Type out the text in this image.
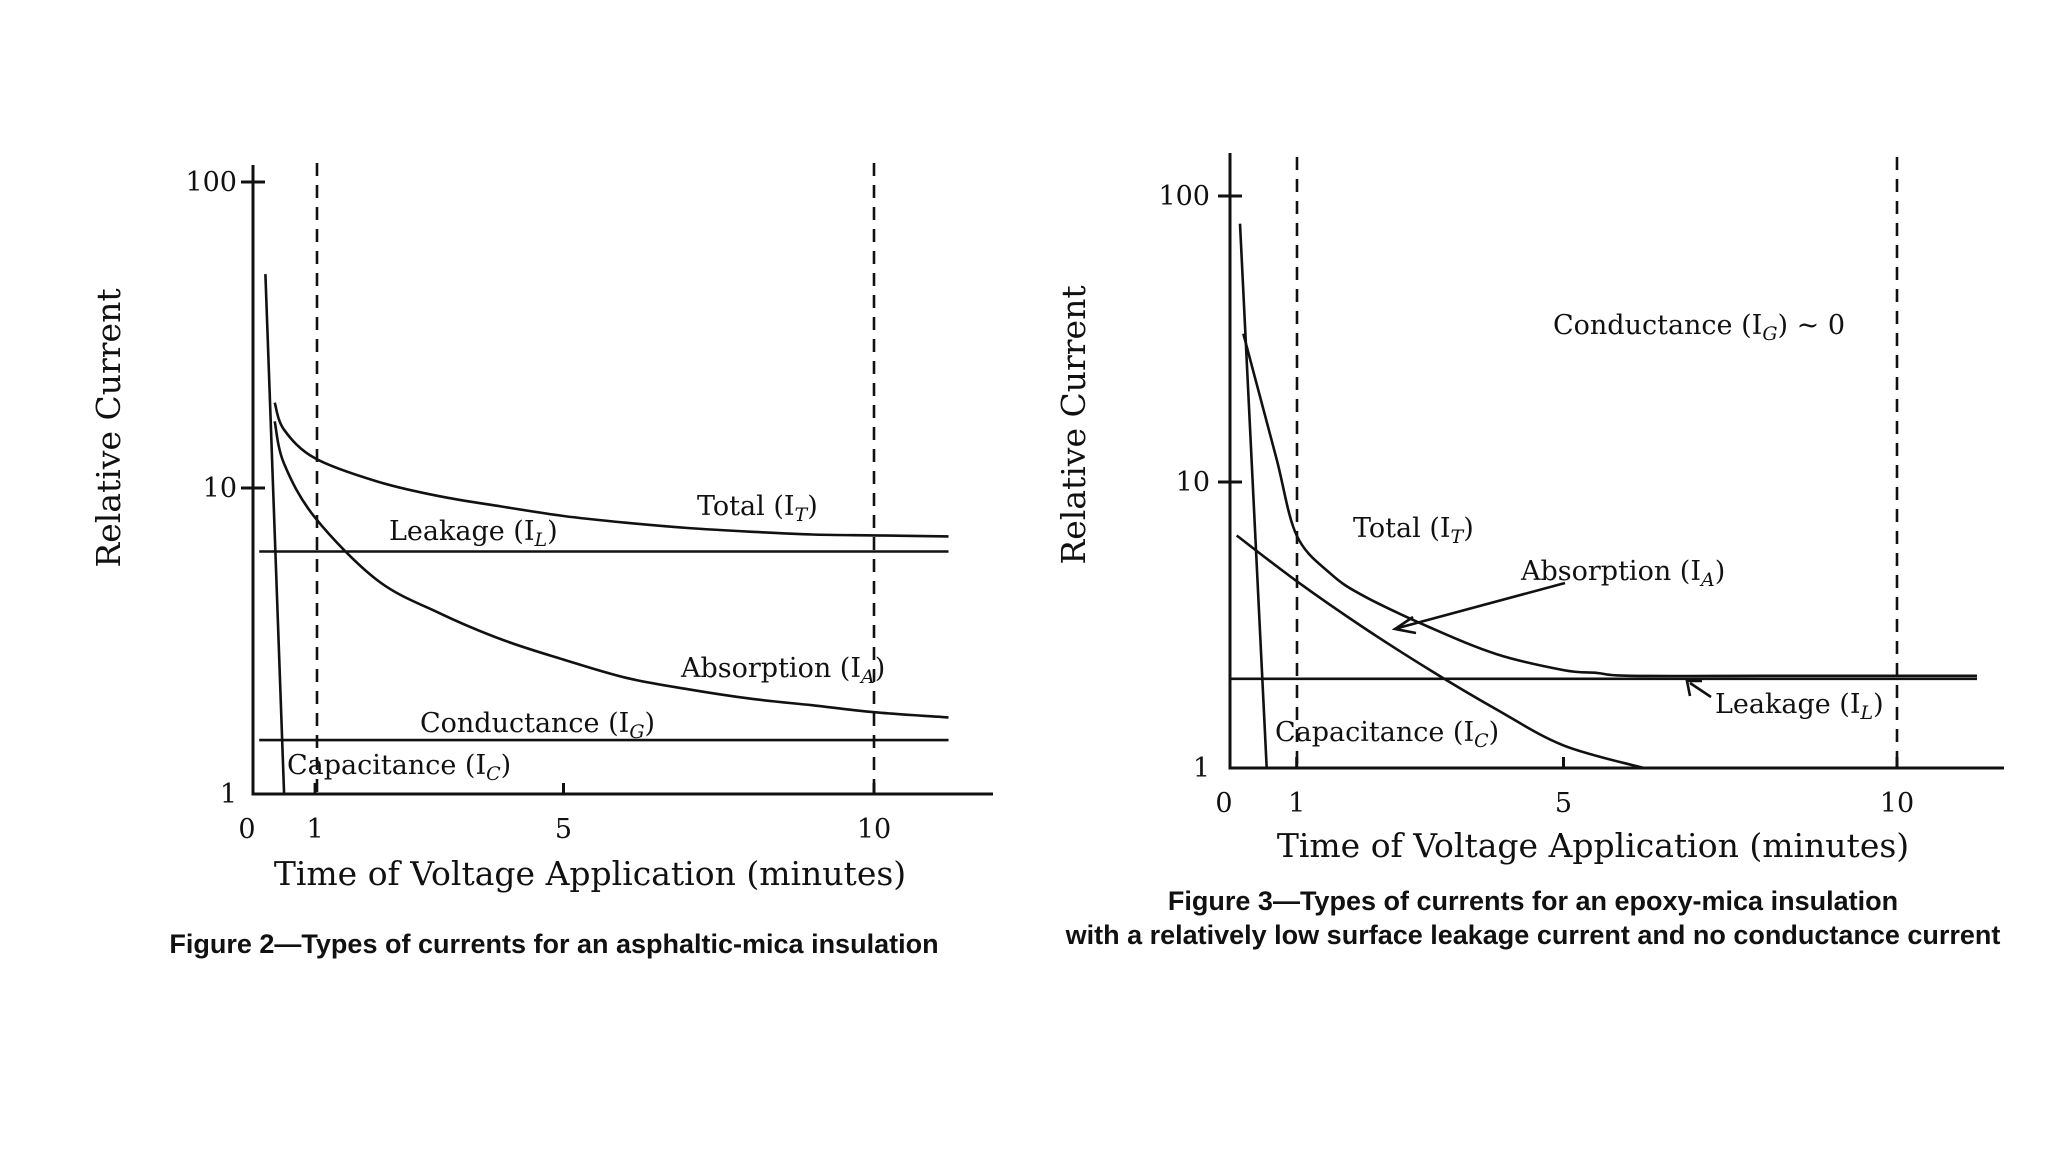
0 1	5	10
1
10
100
Total $(I_T)$
Leakage $(I_L)$
Absorption $(I_A)$
Conductance $(I_G)$
Capacitance $(I_C)$
Relative Current
Time of Voltage Application (minutes)
Figure 2—Types of currents for an asphaltic-mica insulation
0 1	5	10
1
10
100
Conductance $(I_G)$ ~ 0
Total $(I_T)$
Absorption $(I_A)$
Leakage $(I_L)$
Capacitance $(I_C)$
Relative Current
Time of Voltage Application (minutes)
Figure 3—Types of currents for an epoxy-mica insulation
with a relatively low surface leakage current and no conductance current
